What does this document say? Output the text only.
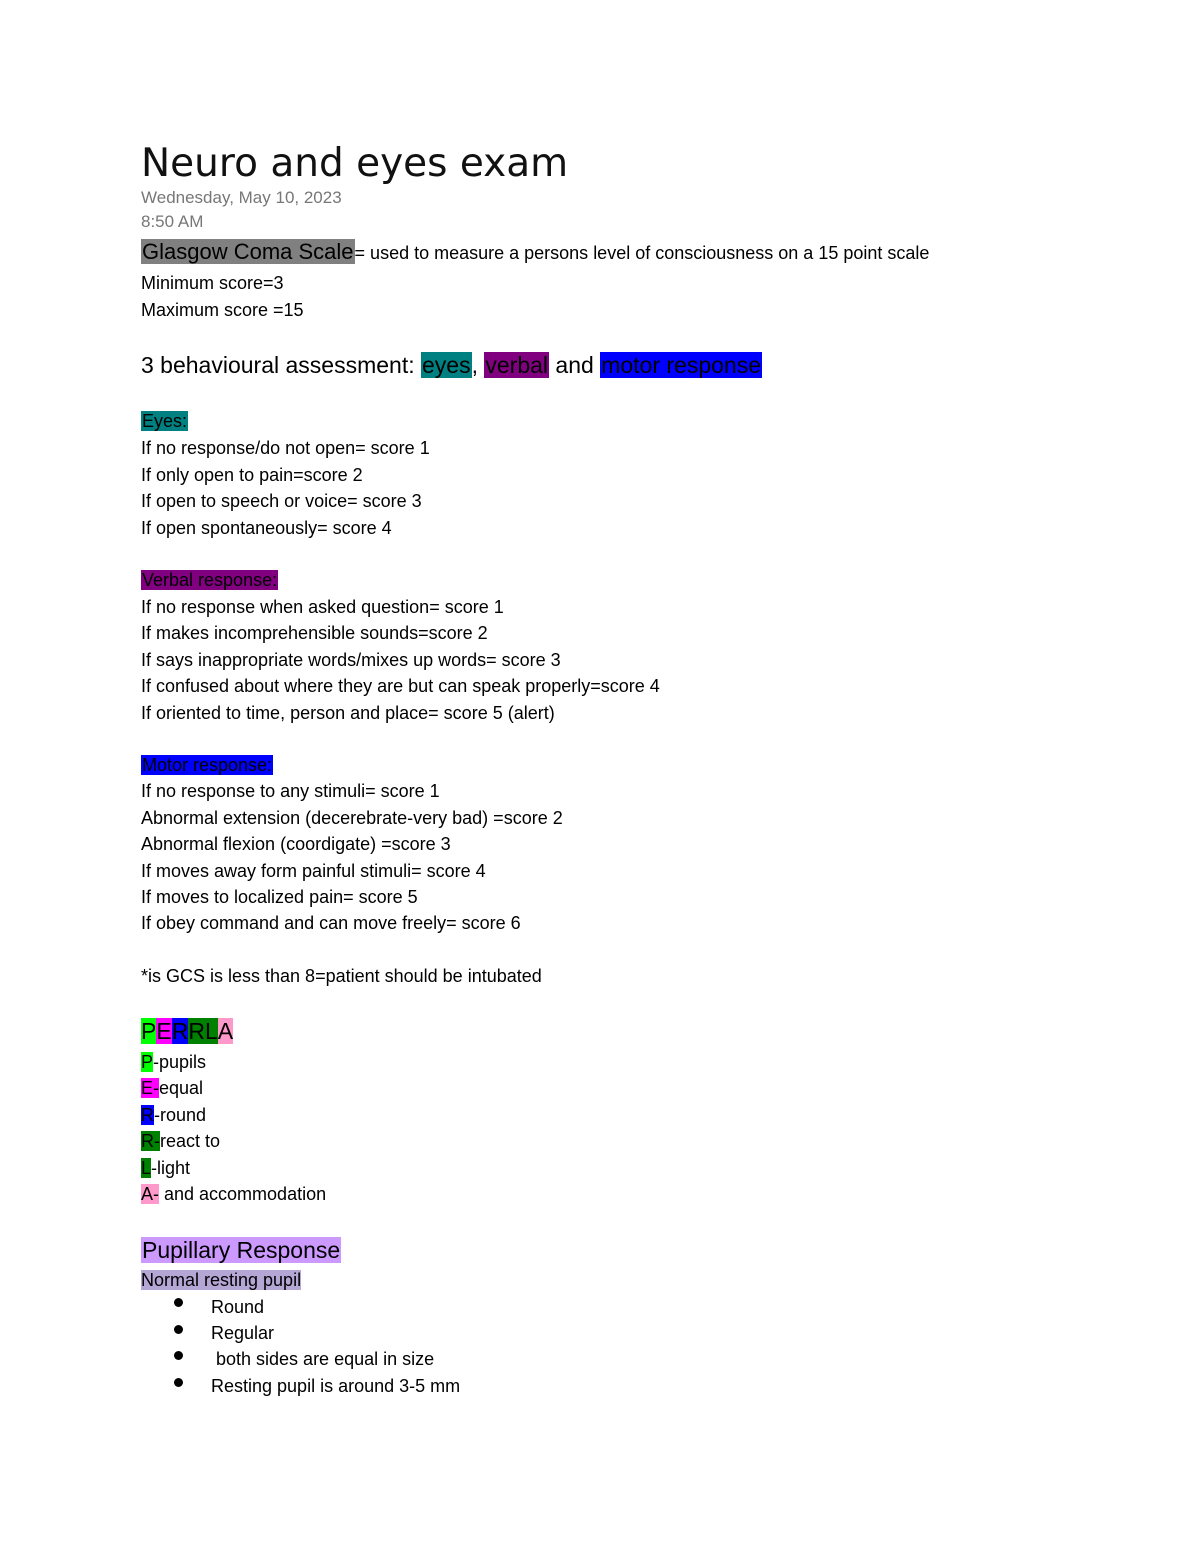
Neuro and eyes exam
Wednesday, May 10, 2023
8:50 AM
Glasgow Coma Scale= used to measure a persons level of consciousness on a 15 point scale
Minimum score=3
Maximum score =15
3 behavioural assessment: eyes, verbal and motor response
Eyes:
If no response/do not open= score 1
If only open to pain=score 2
If open to speech or voice= score 3
If open spontaneously= score 4
Verbal response:
If no response when asked question= score 1
If makes incomprehensible sounds=score 2
If says inappropriate words/mixes up words= score 3
If confused about where they are but can speak properly=score 4
If oriented to time, person and place= score 5 (alert)
Motor response:
If no response to any stimuli= score 1
Abnormal extension (decerebrate-very bad) =score 2
Abnormal flexion (coordigate) =score 3
If moves away form painful stimuli= score 4
If moves to localized pain= score 5
If obey command and can move freely= score 6
*is GCS is less than 8=patient should be intubated
PERRLA
P-pupils
E-equal
R-round
R-react to
L-light
A- and accommodation
Pupillary Response
Normal resting pupil
Round
Regular
both sides are equal in size
Resting pupil is around 3-5 mm
